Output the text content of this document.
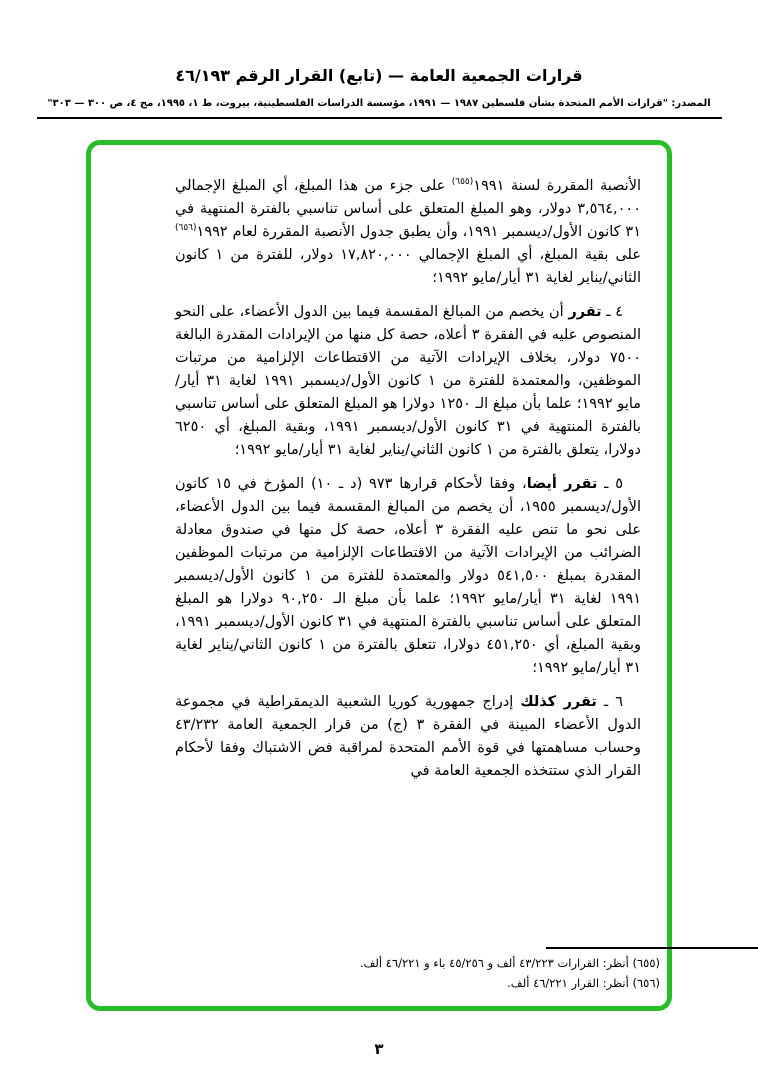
قرارات الجمعية العامة — (تابع) القرار الرقم ٤٦/١٩٣
المصدر: "قرارات الأمم المتحدة بشأن فلسطين ١٩٨٧ — ١٩٩١، مؤسسة الدراسات الفلسطينية، بيروت، ط ١، ١٩٩٥، مج ٤، ص ٣٠٠ — ٣٠٣"

الأنصبة المقررة لسنة ١٩٩١$^{(٦٥٥)}$ على جزء من هذا المبلغ، أي المبلغ الإجمالي ٣,٥٦٤,٠٠٠ دولار، وهو المبلغ المتعلق على أساس تناسبي بالفترة المنتهية في ٣١ كانون الأول/ديسمبر ١٩٩١، وأن يطبق جدول الأنصبة المقررة لعام ١٩٩٢$^{(٦٥٦)}$ على بقية المبلغ، أي المبلغ الإجمالي ١٧,٨٢٠,٠٠٠ دولار، للفترة من ١ كانون الثاني/يناير لغاية ٣١ أيار/مايو ١٩٩٢؛

٤ ـ تقرر أن يخصم من المبالغ المقسمة فيما بين الدول الأعضاء، على النحو المنصوص عليه في الفقرة ٣ أعلاه، حصة كل منها من الإيرادات المقدرة البالغة ٧٥٠٠ دولار، بخلاف الإيرادات الآتية من الاقتطاعات الإلزامية من مرتبات الموظفين، والمعتمدة للفترة من ١ كانون الأول/ديسمبر ١٩٩١ لغاية ٣١ أيار/مايو ١٩٩٢؛ علما بأن مبلغ الـ ١٢٥٠ دولارا هو المبلغ المتعلق على أساس تناسبي بالفترة المنتهية في ٣١ كانون الأول/ديسمبر ١٩٩١، وبقية المبلغ، أي ٦٢٥٠ دولارا، يتعلق بالفترة من ١ كانون الثاني/يناير لغاية ٣١ أيار/مايو ١٩٩٢؛

٥ ـ تقرر أيضا، وفقا لأحكام قرارها ٩٧٣ (د ـ ١٠) المؤرخ في ١٥ كانون الأول/ديسمبر ١٩٥٥، أن يخصم من المبالغ المقسمة فيما بين الدول الأعضاء، على نحو ما تنص عليه الفقرة ٣ أعلاه، حصة كل منها في صندوق معادلة الضرائب من الإيرادات الآتية من الاقتطاعات الإلزامية من مرتبات الموظفين المقدرة بمبلغ ٥٤١,٥٠٠ دولار والمعتمدة للفترة من ١ كانون الأول/ديسمبر ١٩٩١ لغاية ٣١ أيار/مايو ١٩٩٢؛ علما بأن مبلغ الـ ٩٠,٢٥٠ دولارا هو المبلغ المتعلق على أساس تناسبي بالفترة المنتهية في ٣١ كانون الأول/ديسمبر ١٩٩١، وبقية المبلغ، أي ٤٥١,٢٥٠ دولارا، تتعلق بالفترة من ١ كانون الثاني/يناير لغاية ٣١ أيار/مايو ١٩٩٢؛

٦ ـ تقرر كذلك إدراج جمهورية كوريا الشعبية الديمقراطية في مجموعة الدول الأعضاء المبينة في الفقرة ٣ (ج) من قرار الجمعية العامة ٤٣/٢٣٢ وحساب مساهمتها في قوة الأمم المتحدة لمراقبة فض الاشتباك وفقا لأحكام القرار الذي ستتخذه الجمعية العامة في

(٦٥٥) أنظر: القرارات ٤٣/٢٢٣ ألف و ٤٥/٢٥٦ باء و ٤٦/٢٢١ ألف.

(٦٥٦) أنظر: القرار ٤٦/٢٢١ ألف.

٣
